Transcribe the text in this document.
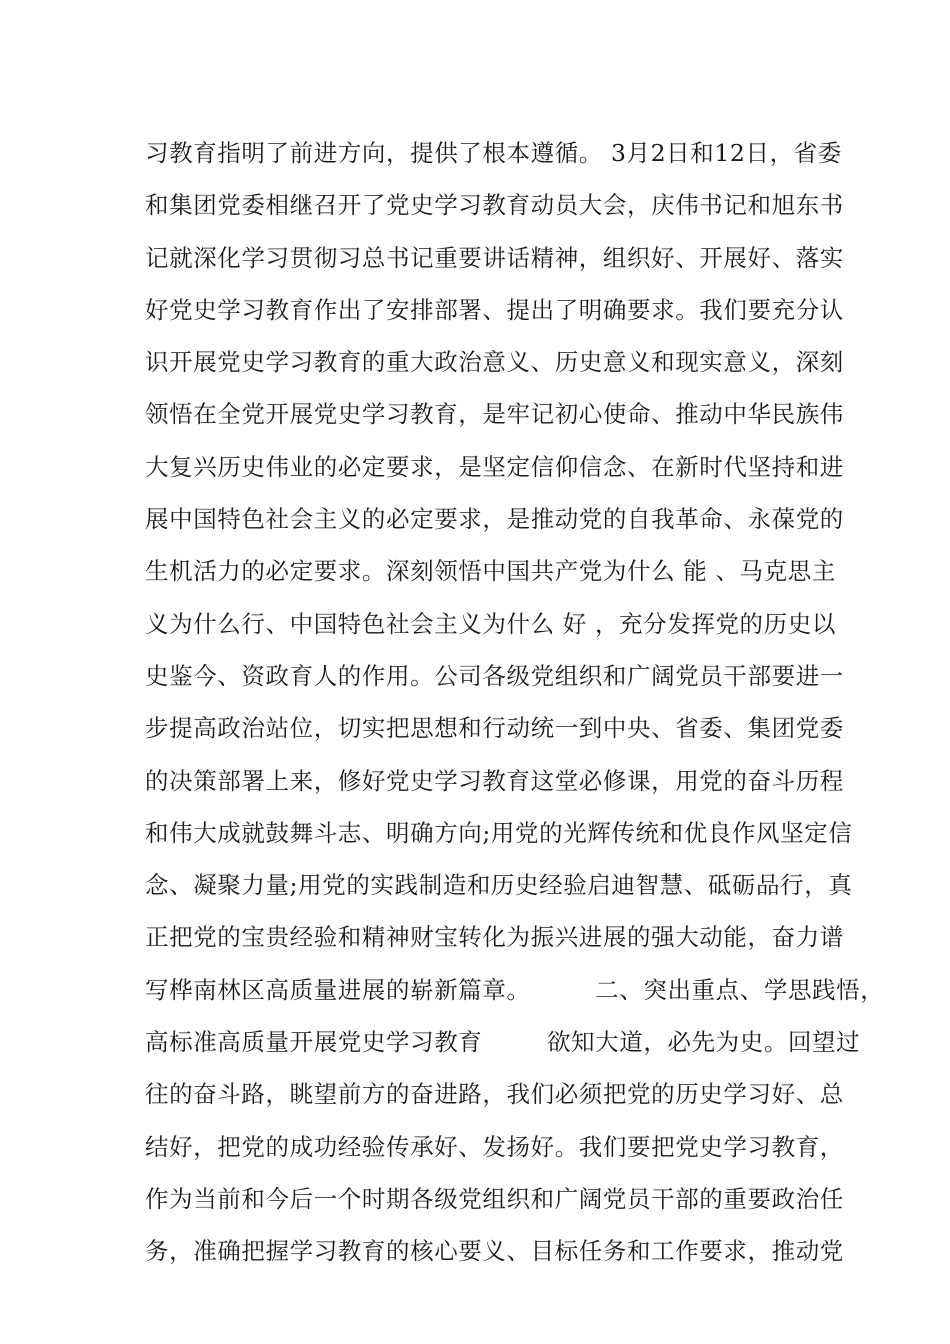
习教育指明了前进方向，提供了根本遵循。 3月2日和12日，省委
和集团党委相继召开了党史学习教育动员大会，庆伟书记和旭东书
记就深化学习贯彻习总书记重要讲话精神，组织好、开展好、落实
好党史学习教育作出了安排部署、提出了明确要求。我们要充分认
识开展党史学习教育的重大政治意义、历史意义和现实意义，深刻
领悟在全党开展党史学习教育，是牢记初心使命、推动中华民族伟
大复兴历史伟业的必定要求，是坚定信仰信念、在新时代坚持和进
展中国特色社会主义的必定要求，是推动党的自我革命、永葆党的
生机活力的必定要求。深刻领悟中国共产党为什么 能 、马克思主
义为什么行、中国特色社会主义为什么 好 ，充分发挥党的历史以
史鉴今、资政育人的作用。公司各级党组织和广阔党员干部要进一
步提高政治站位，切实把思想和行动统一到中央、省委、集团党委
的决策部署上来，修好党史学习教育这堂必修课，用党的奋斗历程
和伟大成就鼓舞斗志、明确方向;用党的光辉传统和优良作风坚定信
念、凝聚力量;用党的实践制造和历史经验启迪智慧、砥砺品行，真
正把党的宝贵经验和精神财宝转化为振兴进展的强大动能，奋力谱
写桦南林区高质量进展的崭新篇章。        二、突出重点、学思践悟，
高标准高质量开展党史学习教育        欲知大道，必先为史。回望过
往的奋斗路，眺望前方的奋进路，我们必须把党的历史学习好、总
结好，把党的成功经验传承好、发扬好。我们要把党史学习教育，
作为当前和今后一个时期各级党组织和广阔党员干部的重要政治任
务，准确把握学习教育的核心要义、目标任务和工作要求，推动党
